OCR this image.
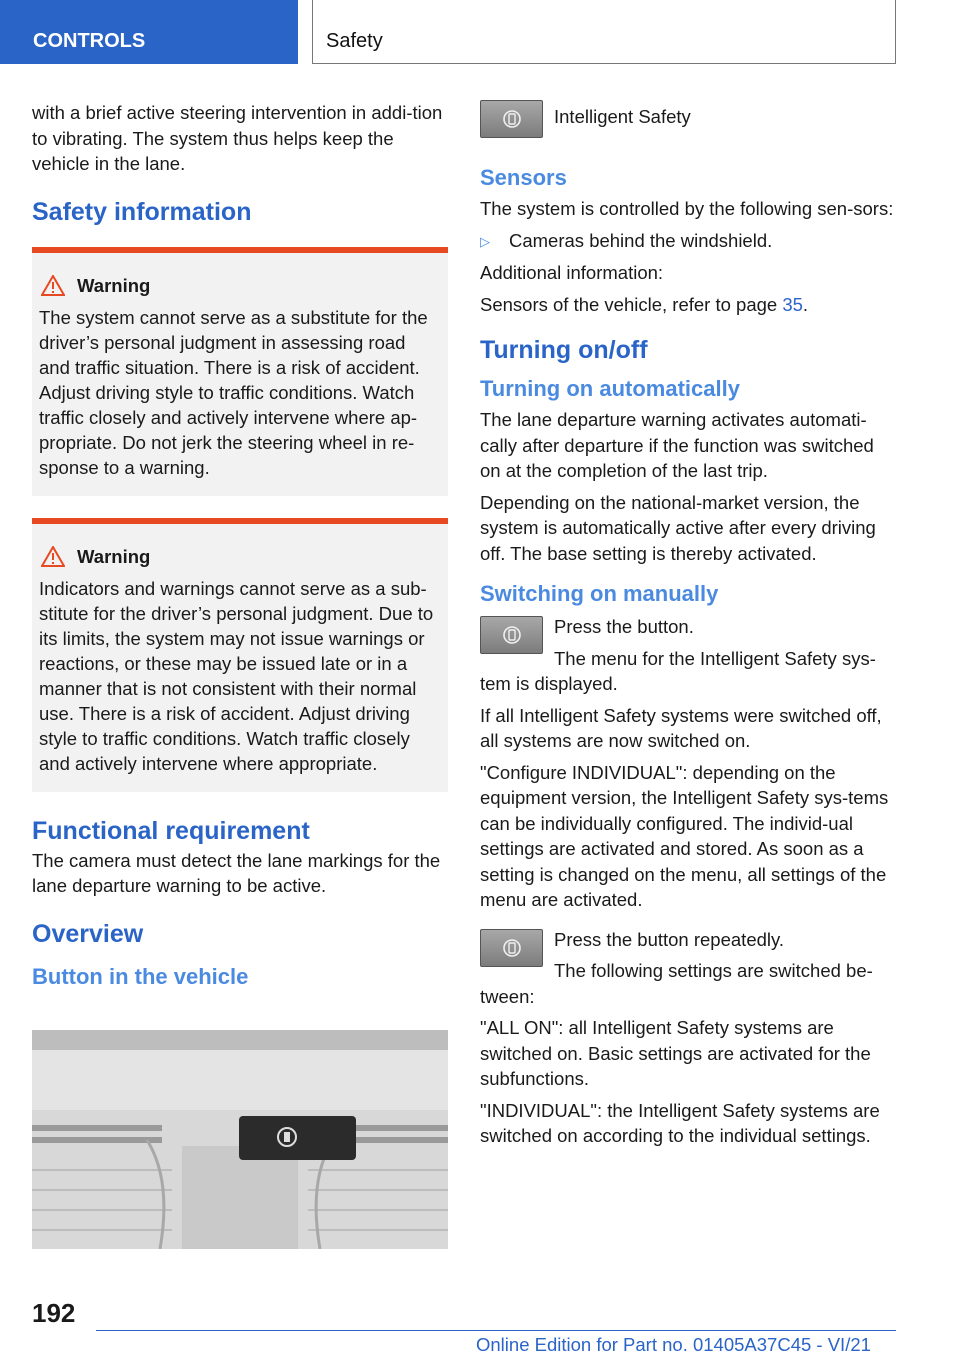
CONTROLS	Safety

with a brief active steering intervention in addi-tion to vibrating. The system thus helps keep the vehicle in the lane.

Safety information
Warning

The system cannot serve as a substitute for the driver’s personal judgment in assessing road and traffic situation. There is a risk of accident. Adjust driving style to traffic conditions. Watch traffic closely and actively intervene where ap-propriate. Do not jerk the steering wheel in re-sponse to a warning.

Warning

Indicators and warnings cannot serve as a sub-stitute for the driver’s personal judgment. Due to its limits, the system may not issue warnings or reactions, or these may be issued late or in a manner that is not consistent with their normal use. There is a risk of accident. Adjust driving style to traffic conditions. Watch traffic closely and actively intervene where appropriate.

Functional requirement

The camera must detect the lane markings for the lane departure warning to be active.

Overview
Button in the vehicle
Intelligent Safety
Sensors

The system is controlled by the following sen-sors:

▷	Cameras behind the windshield.

Additional information:

Sensors of the vehicle, refer to page 35.

Turning on/off
Turning on automatically

The lane departure warning activates automati-cally after departure if the function was switched on at the completion of the last trip.

Depending on the national-market version, the system is automatically active after every driving off. The base setting is thereby activated.

Switching on manually

Press the button.

The menu for the Intelligent Safety sys-

tem is displayed.

If all Intelligent Safety systems were switched off, all systems are now switched on.

"Configure INDIVIDUAL": depending on the equipment version, the Intelligent Safety sys-tems can be individually configured. The individ-ual settings are activated and stored. As soon as a setting is changed on the menu, all settings of the menu are activated.

Press the button repeatedly.

The following settings are switched be-

tween:

"ALL ON": all Intelligent Safety systems are switched on. Basic settings are activated for the subfunctions.

"INDIVIDUAL": the Intelligent Safety systems are switched on according to the individual settings.

192
Online Edition for Part no. 01405A37C45 - VI/21
